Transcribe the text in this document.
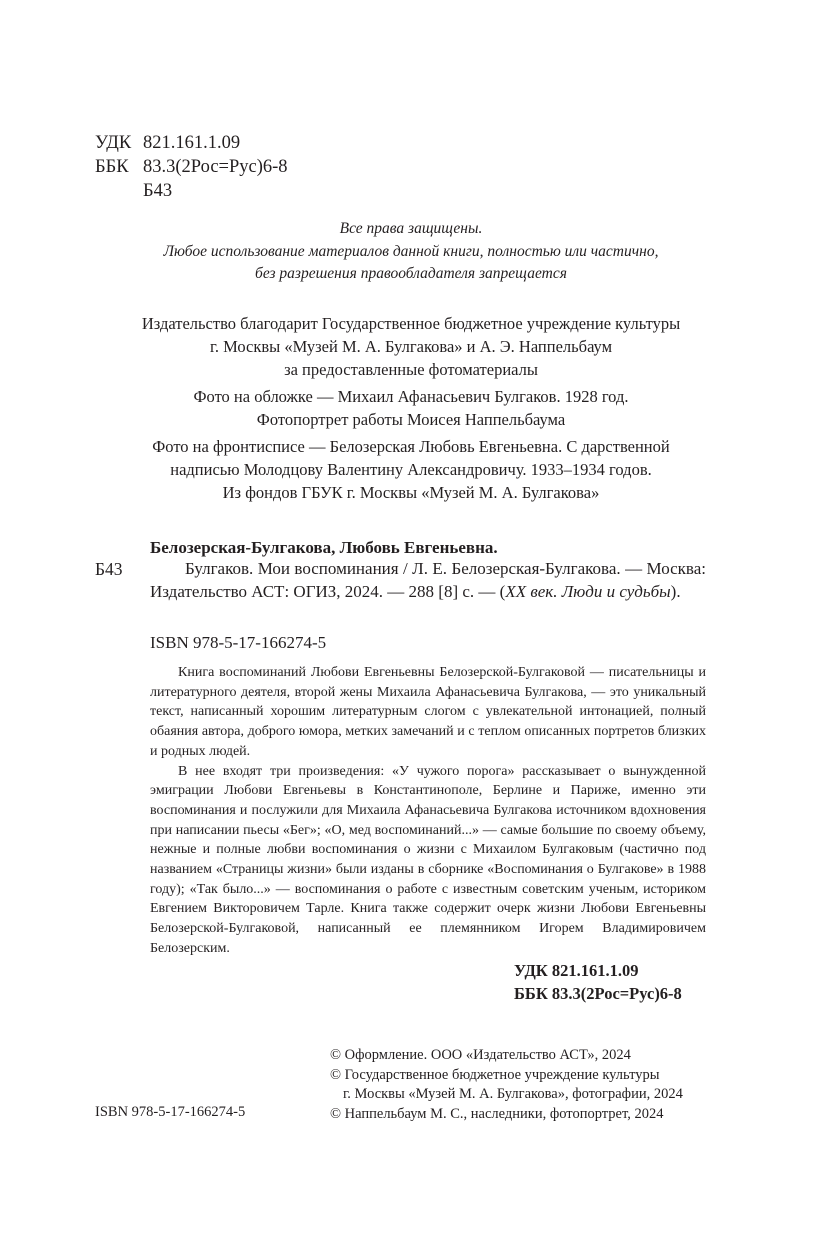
УДК 821.161.1.09
ББК 83.3(2Рос=Рус)6-8
Б43
Все права защищены.
Любое использование материалов данной книги, полностью или частично,
без разрешения правообладателя запрещается
Издательство благодарит Государственное бюджетное учреждение культуры
г. Москвы «Музей М. А. Булгакова» и А. Э. Наппельбаум
за предоставленные фотоматериалы
Фото на обложке — Михаил Афанасьевич Булгаков. 1928 год.
Фотопортрет работы Моисея Наппельбаума
Фото на фронтисписе — Белозерская Любовь Евгеньевна. С дарственной
надписью Молодцову Валентину Александровичу. 1933–1934 годов.
Из фондов ГБУК г. Москвы «Музей М. А. Булгакова»
Белозерская-Булгакова, Любовь Евгеньевна.
Б43	Булгаков. Мои воспоминания / Л. Е. Белозерская-Булгакова. — Москва: Издательство АСТ: ОГИЗ, 2024. — 288 [8] с. — (XX век. Люди и судьбы).
ISBN 978-5-17-166274-5

Книга воспоминаний Любови Евгеньевны Белозерской-Булгаковой — писательницы и литературного деятеля, второй жены Михаила Афанасьевича Булгакова, — это уникальный текст, написанный хорошим литературным слогом с увлекательной интонацией, полный обаяния автора, доброго юмора, метких замечаний и с теплом описанных портретов близких и родных людей.

В нее входят три произведения: «У чужого порога» рассказывает о вынужденной эмиграции Любови Евгеньевы в Константинополе, Берлине и Париже, именно эти воспоминания и послужили для Михаила Афанасьевича Булгакова источником вдохновения при написании пьесы «Бег»; «О, мед воспоминаний...» — самые большие по своему объему, нежные и полные любви воспоминания о жизни с Михаилом Булгаковым (частично под названием «Страницы жизни» были изданы в сборнике «Воспоминания о Булгакове» в 1988 году); «Так было...» — воспоминания о работе с известным советским ученым, историком Евгением Викторовичем Тарле. Книга также содержит очерк жизни Любови Евгеньевны Белозерской-Булгаковой, написанный ее племянником Игорем Владимировичем Белозерским.

УДК 821.161.1.09
ББК 83.3(2Рос=Рус)6-8
© Оформление. ООО «Издательство АСТ», 2024
© Государственное бюджетное учреждение культуры
г. Москвы «Музей М. А. Булгакова», фотографии, 2024
© Наппельбаум М. С., наследники, фотопортрет, 2024
ISBN 978-5-17-166274-5
